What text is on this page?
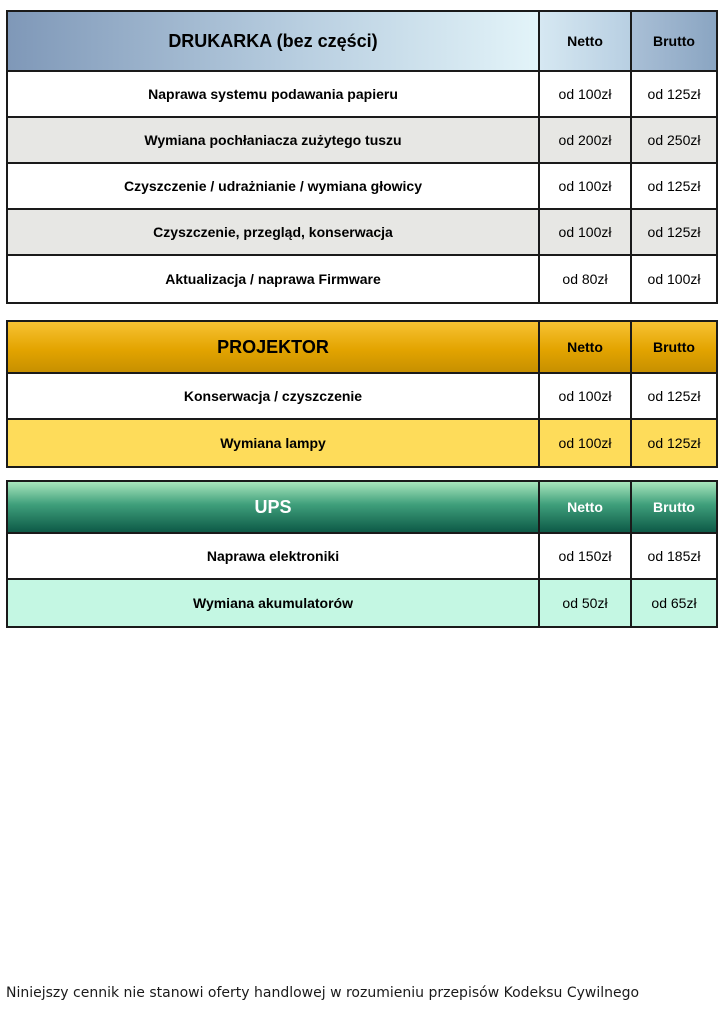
DRUKARKA (bez części)	Netto	Brutto
Naprawa systemu podawania papieru	od 100zł	od 125zł
Wymiana pochłaniacza zużytego tuszu	od 200zł	od 250zł
Czyszczenie / udrażnianie / wymiana głowicy	od 100zł	od 125zł
Czyszczenie, przegląd, konserwacja	od 100zł	od 125zł
Aktualizacja / naprawa Firmware	od 80zł	od 100zł
PROJEKTOR	Netto	Brutto
Konserwacja / czyszczenie	od 100zł	od 125zł
Wymiana lampy	od 100zł	od 125zł
UPS	Netto	Brutto
Naprawa elektroniki	od 150zł	od 185zł
Wymiana akumulatorów	od 50zł	od 65zł
Niniejszy cennik nie stanowi oferty handlowej w rozumieniu przepisów Kodeksu Cywilnego
